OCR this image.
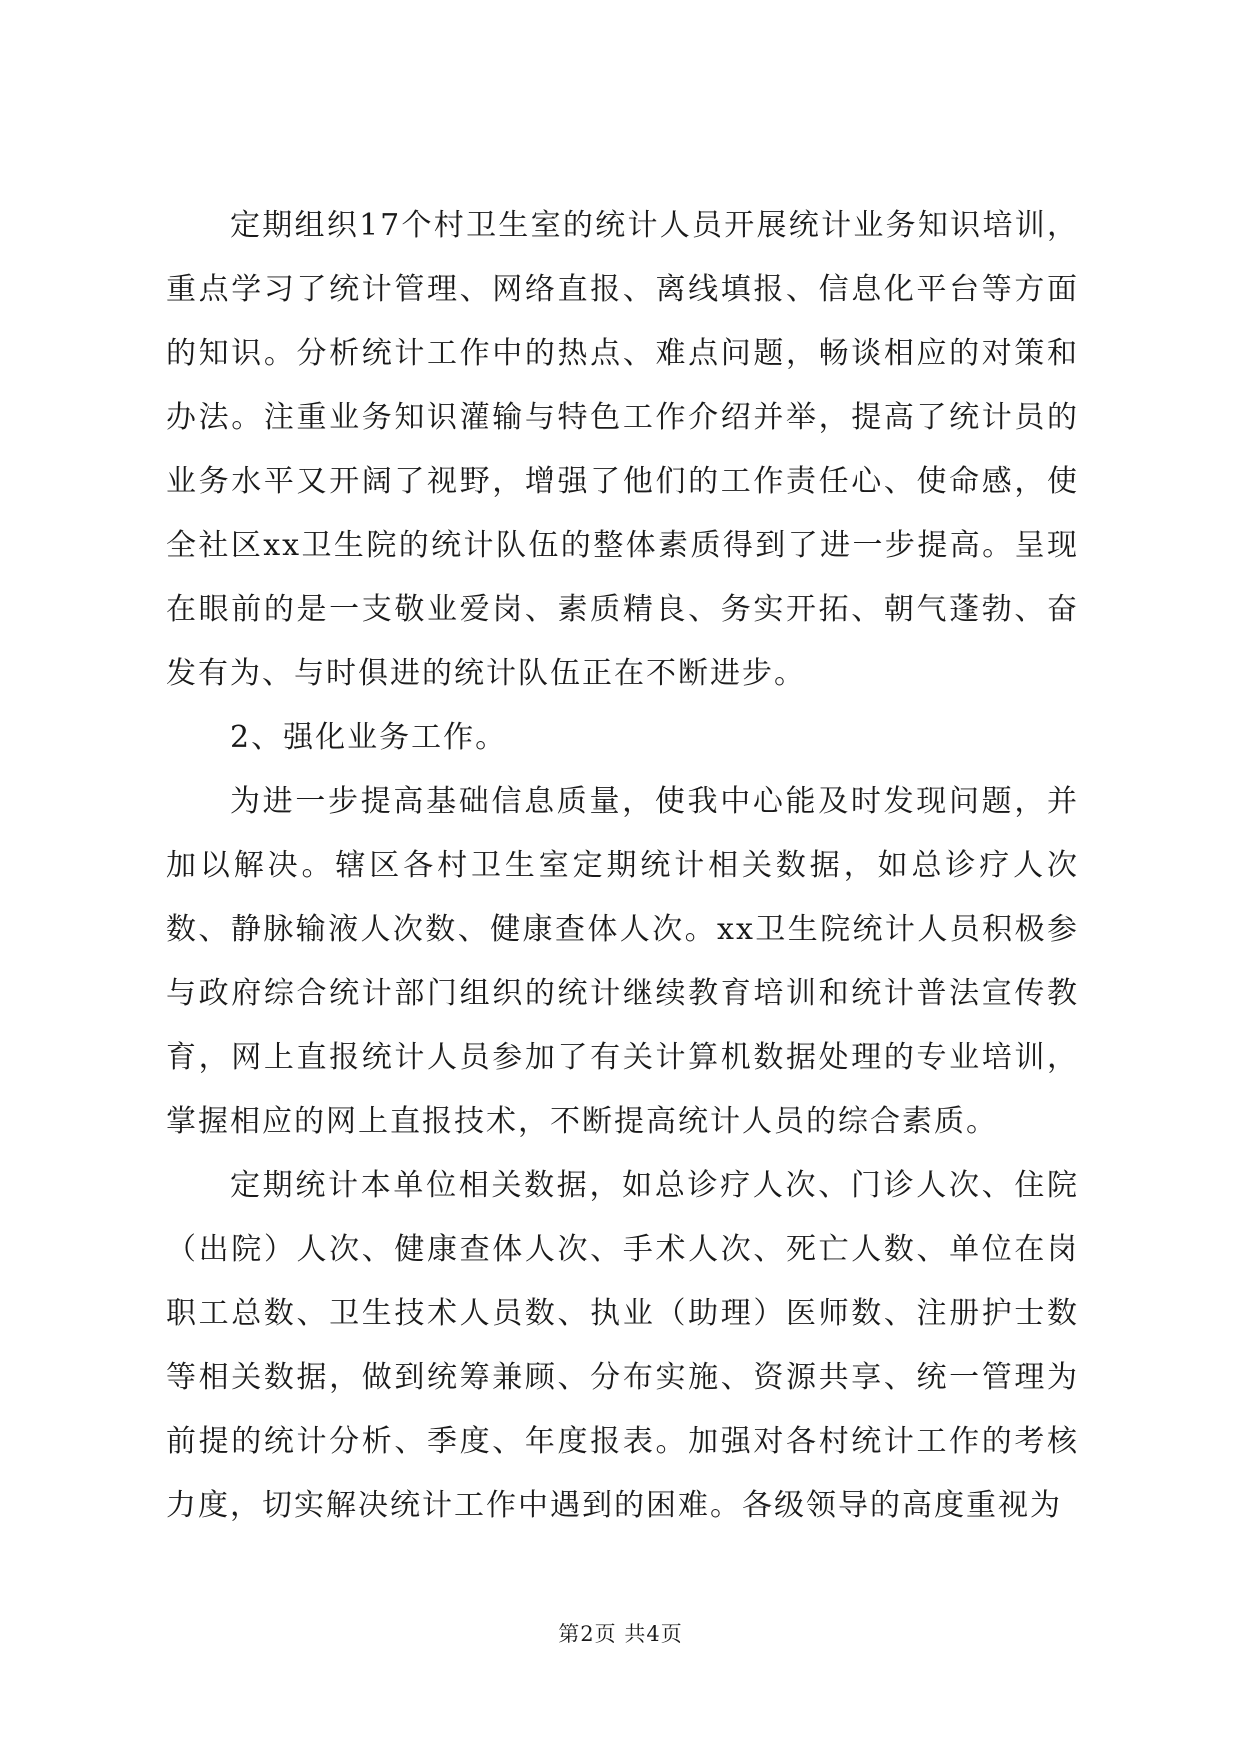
定期组织17个村卫生室的统计人员开展统计业务知识培训，重点学习了统计管理、网络直报、离线填报、信息化平台等方面的知识。分析统计工作中的热点、难点问题，畅谈相应的对策和办法。注重业务知识灌输与特色工作介绍并举，提高了统计员的业务水平又开阔了视野，增强了他们的工作责任心、使命感，使全社区xx卫生院的统计队伍的整体素质得到了进一步提高。呈现在眼前的是一支敬业爱岗、素质精良、务实开拓、朝气蓬勃、奋发有为、与时俱进的统计队伍正在不断进步。

2、强化业务工作。

为进一步提高基础信息质量，使我中心能及时发现问题，并加以解决。辖区各村卫生室定期统计相关数据，如总诊疗人次数、静脉输液人次数、健康查体人次。xx卫生院统计人员积极参与政府综合统计部门组织的统计继续教育培训和统计普法宣传教育，网上直报统计人员参加了有关计算机数据处理的专业培训，掌握相应的网上直报技术，不断提高统计人员的综合素质。

定期统计本单位相关数据，如总诊疗人次、门诊人次、住院（出院）人次、健康查体人次、手术人次、死亡人数、单位在岗职工总数、卫生技术人员数、执业（助理）医师数、注册护士数等相关数据，做到统筹兼顾、分布实施、资源共享、统一管理为前提的统计分析、季度、年度报表。加强对各村统计工作的考核力度，切实解决统计工作中遇到的困难。各级领导的高度重视为

第2页 共4页
